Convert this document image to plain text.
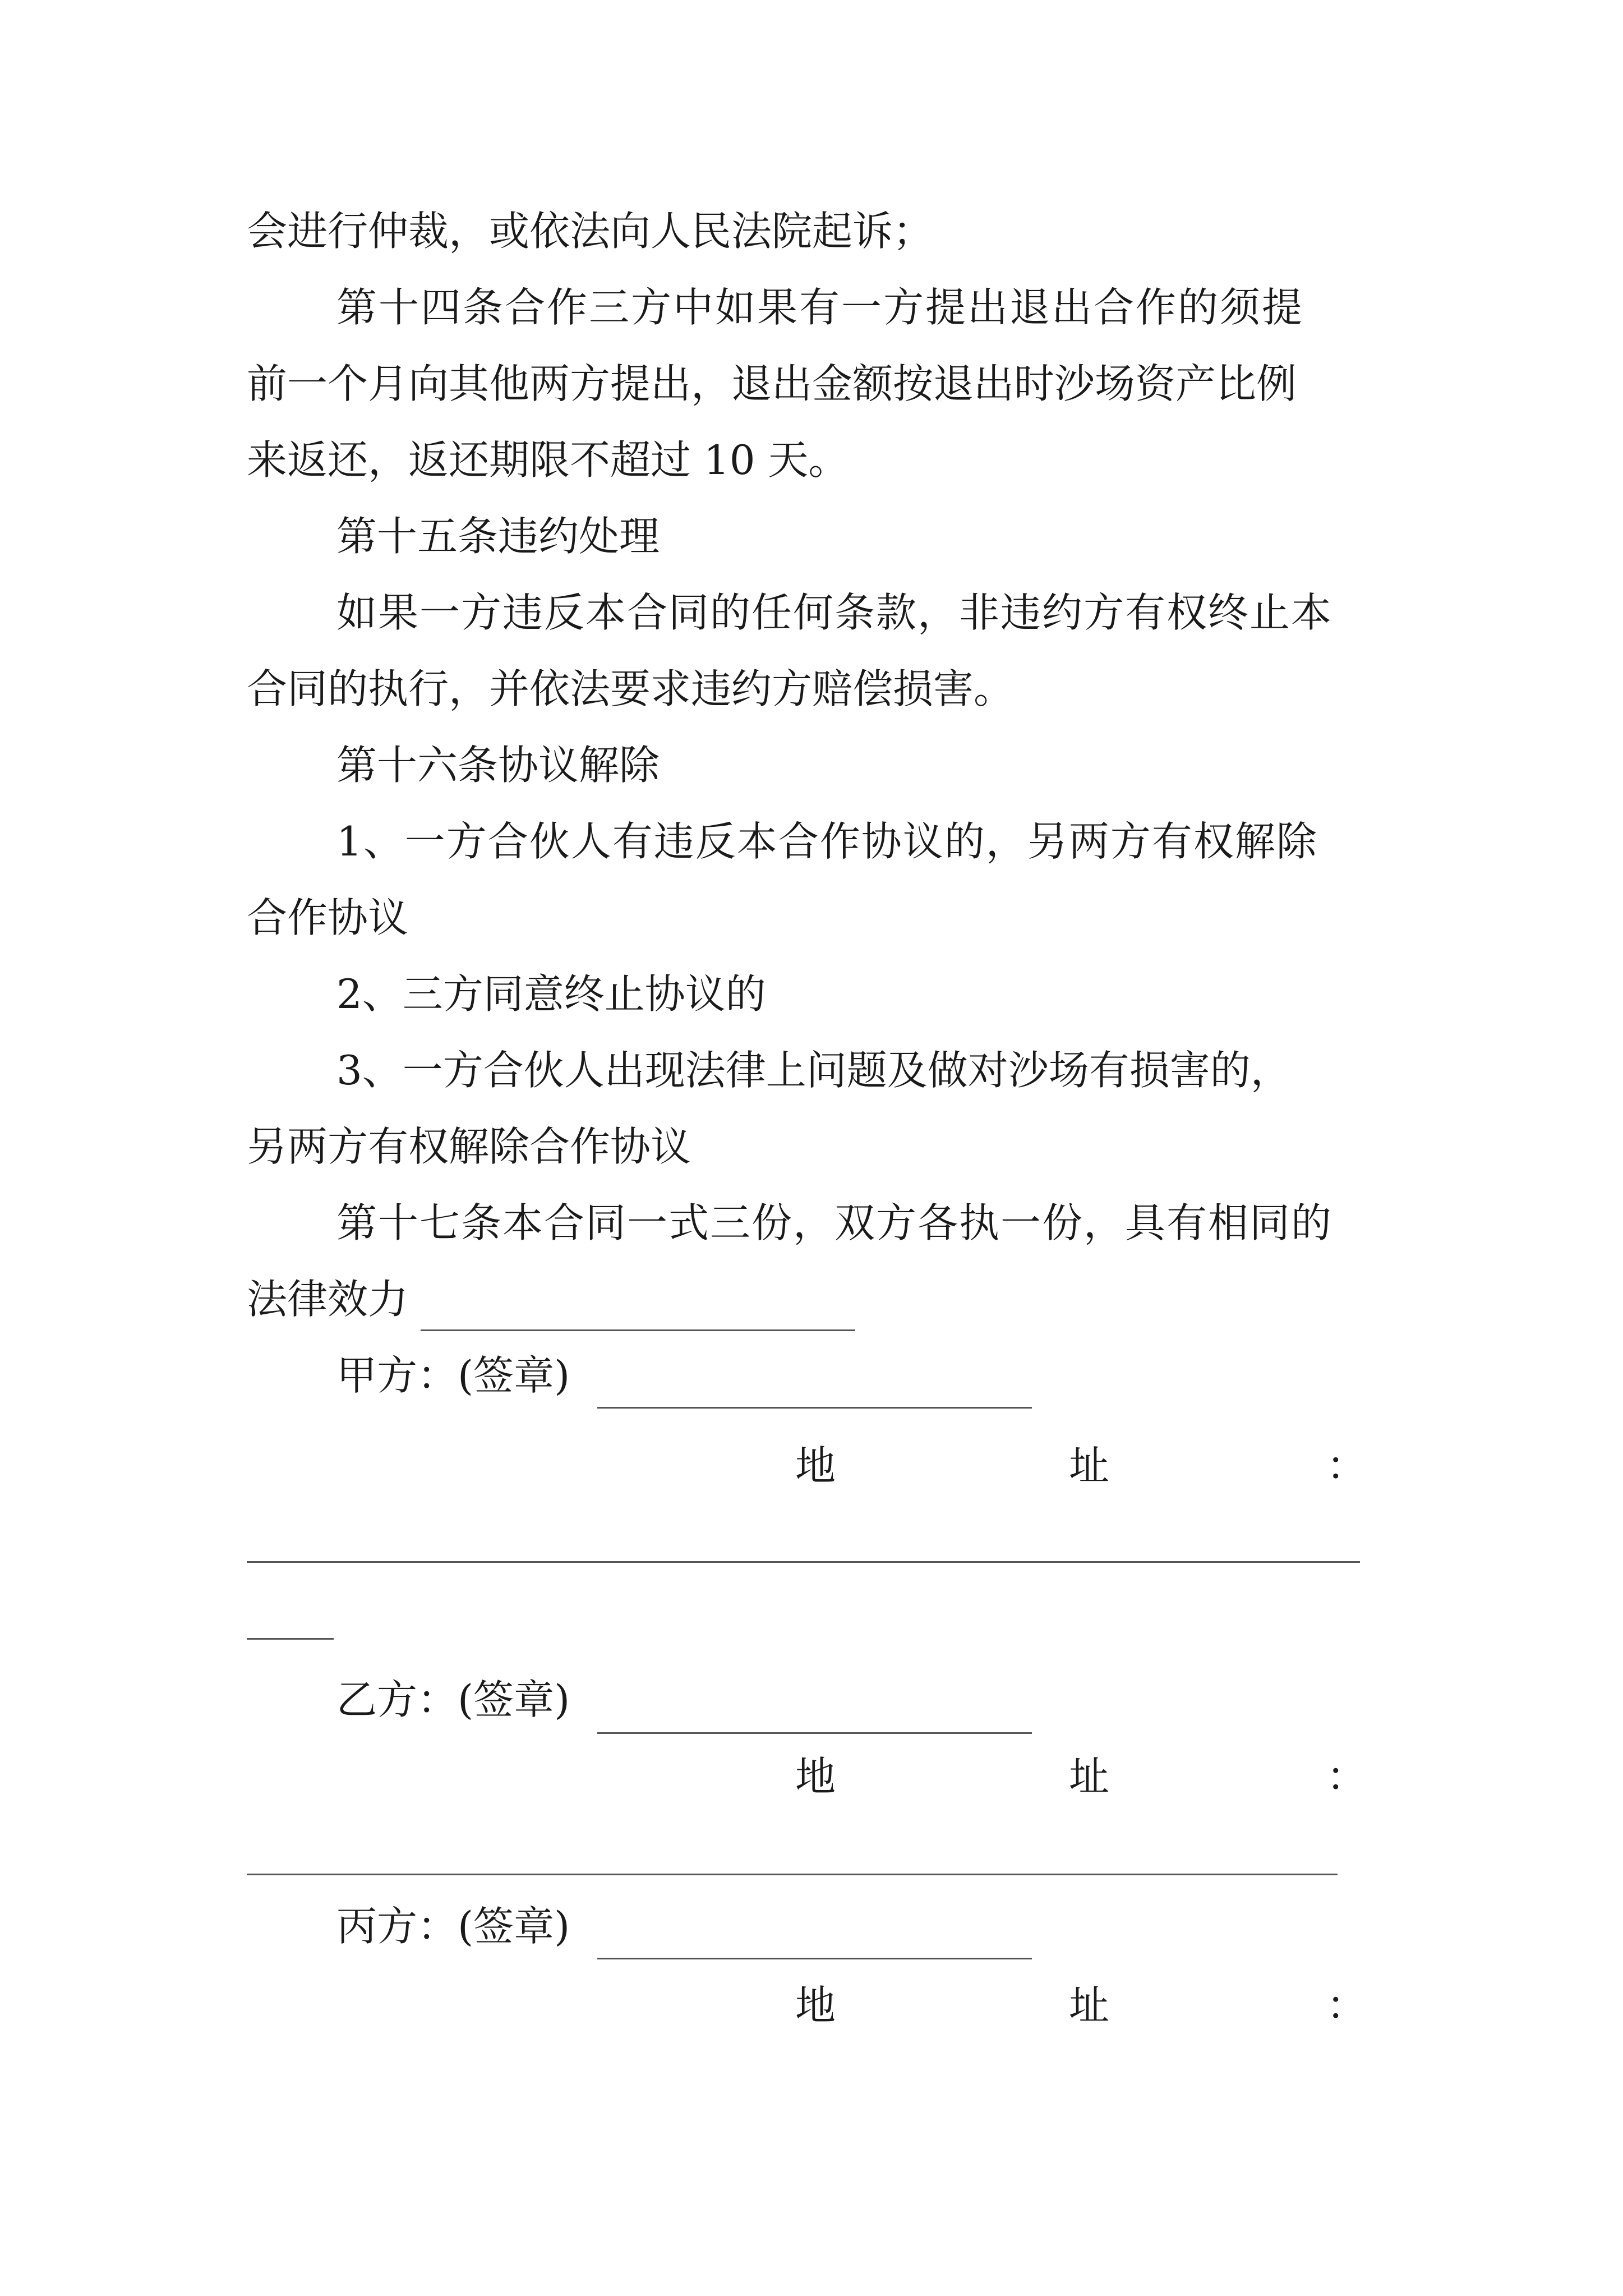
会进行仲裁，或依法向人民法院起诉；
第十四条合作三方中如果有一方提出退出合作的须提
前一个月向其他两方提出，退出金额按退出时沙场资产比例
来返还，返还期限不超过 10 天。
第十五条违约处理
如果一方违反本合同的任何条款，非违约方有权终止本
合同的执行，并依法要求违约方赔偿损害。
第十六条协议解除
1、一方合伙人有违反本合作协议的，另两方有权解除
合作协议
2、三方同意终止协议的
3、一方合伙人出现法律上问题及做对沙场有损害的，
另两方有权解除合作协议
第十七条本合同一式三份，双方各执一份，具有相同的
法律效力
甲方：(签章)
地	址	：
乙方：(签章)
地	址	：
丙方：(签章)
地	址	：
